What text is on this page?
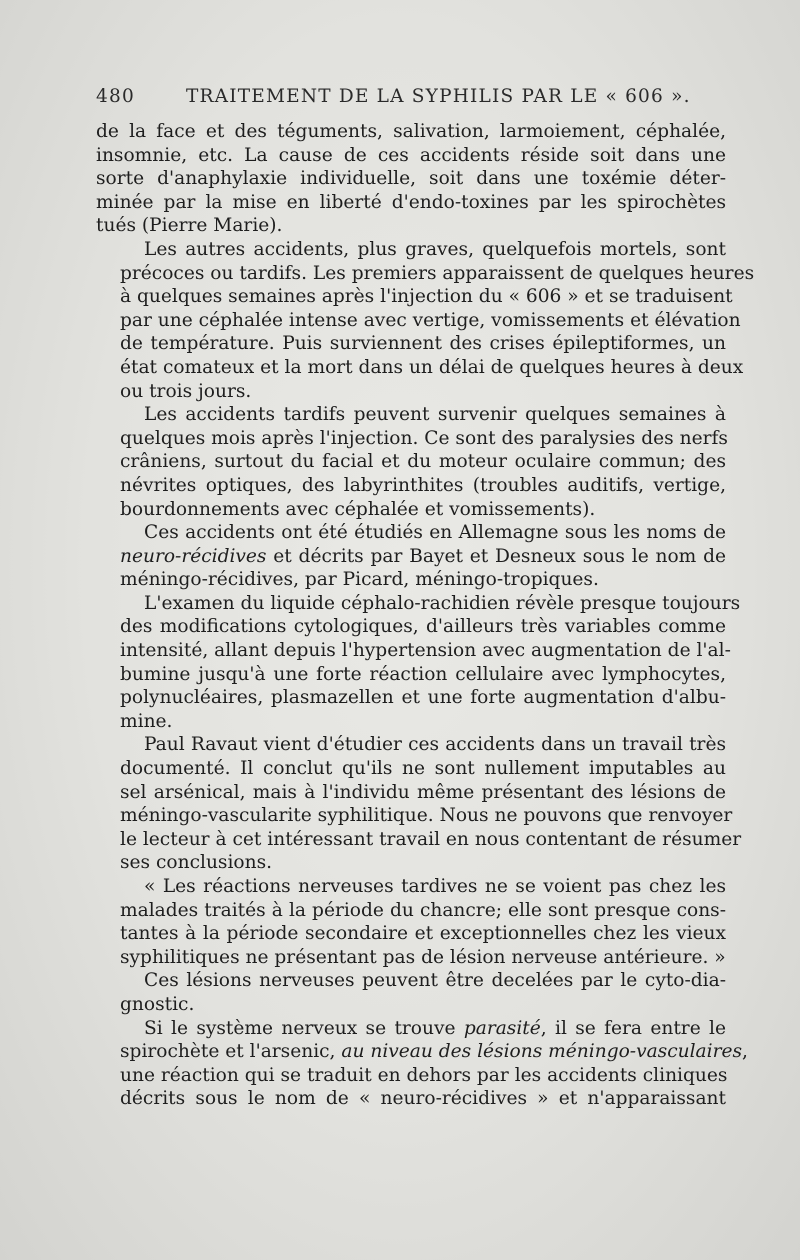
480	TRAITEMENT DE LA SYPHILIS PAR LE « 606 ».

de la face et des téguments, salivation, larmoiement, céphalée,
insomnie, etc. La cause de ces accidents réside soit dans une
sorte d'anaphylaxie individuelle, soit dans une toxémie déter-
minée par la mise en liberté d'endo-toxines par les spirochètes
tués (Pierre Marie).

Les autres accidents, plus graves, quelquefois mortels, sont
précoces ou tardifs. Les premiers apparaissent de quelques heures
à quelques semaines après l'injection du « 606 » et se traduisent
par une céphalée intense avec vertige, vomissements et élévation
de température. Puis surviennent des crises épileptiformes, un
état comateux et la mort dans un délai de quelques heures à deux
ou trois jours.

Les accidents tardifs peuvent survenir quelques semaines à
quelques mois après l'injection. Ce sont des paralysies des nerfs
crâniens, surtout du facial et du moteur oculaire commun; des
névrites optiques, des labyrinthites (troubles auditifs, vertige,
bourdonnements avec céphalée et vomissements).

Ces accidents ont été étudiés en Allemagne sous les noms de
neuro-récidives et décrits par Bayet et Desneux sous le nom de
méningo-récidives, par Picard, méningo-tropiques.

L'examen du liquide céphalo-rachidien révèle presque toujours
des modifications cytologiques, d'ailleurs très variables comme
intensité, allant depuis l'hypertension avec augmentation de l'al-
bumine jusqu'à une forte réaction cellulaire avec lymphocytes,
polynucléaires, plasmazellen et une forte augmentation d'albu-
mine.

Paul Ravaut vient d'étudier ces accidents dans un travail très
documenté. Il conclut qu'ils ne sont nullement imputables au
sel arsénical, mais à l'individu même présentant des lésions de
méningo-vascularite syphilitique. Nous ne pouvons que renvoyer
le lecteur à cet intéressant travail en nous contentant de résumer
ses conclusions.

« Les réactions nerveuses tardives ne se voient pas chez les
malades traités à la période du chancre; elle sont presque cons-
tantes à la période secondaire et exceptionnelles chez les vieux
syphilitiques ne présentant pas de lésion nerveuse antérieure. »

Ces lésions nerveuses peuvent être decelées par le cyto-dia-
gnostic.

Si le système nerveux se trouve parasité, il se fera entre le
spirochète et l'arsenic, au niveau des lésions méningo-vasculaires,
une réaction qui se traduit en dehors par les accidents cliniques
décrits sous le nom de « neuro-récidives » et n'apparaissant
